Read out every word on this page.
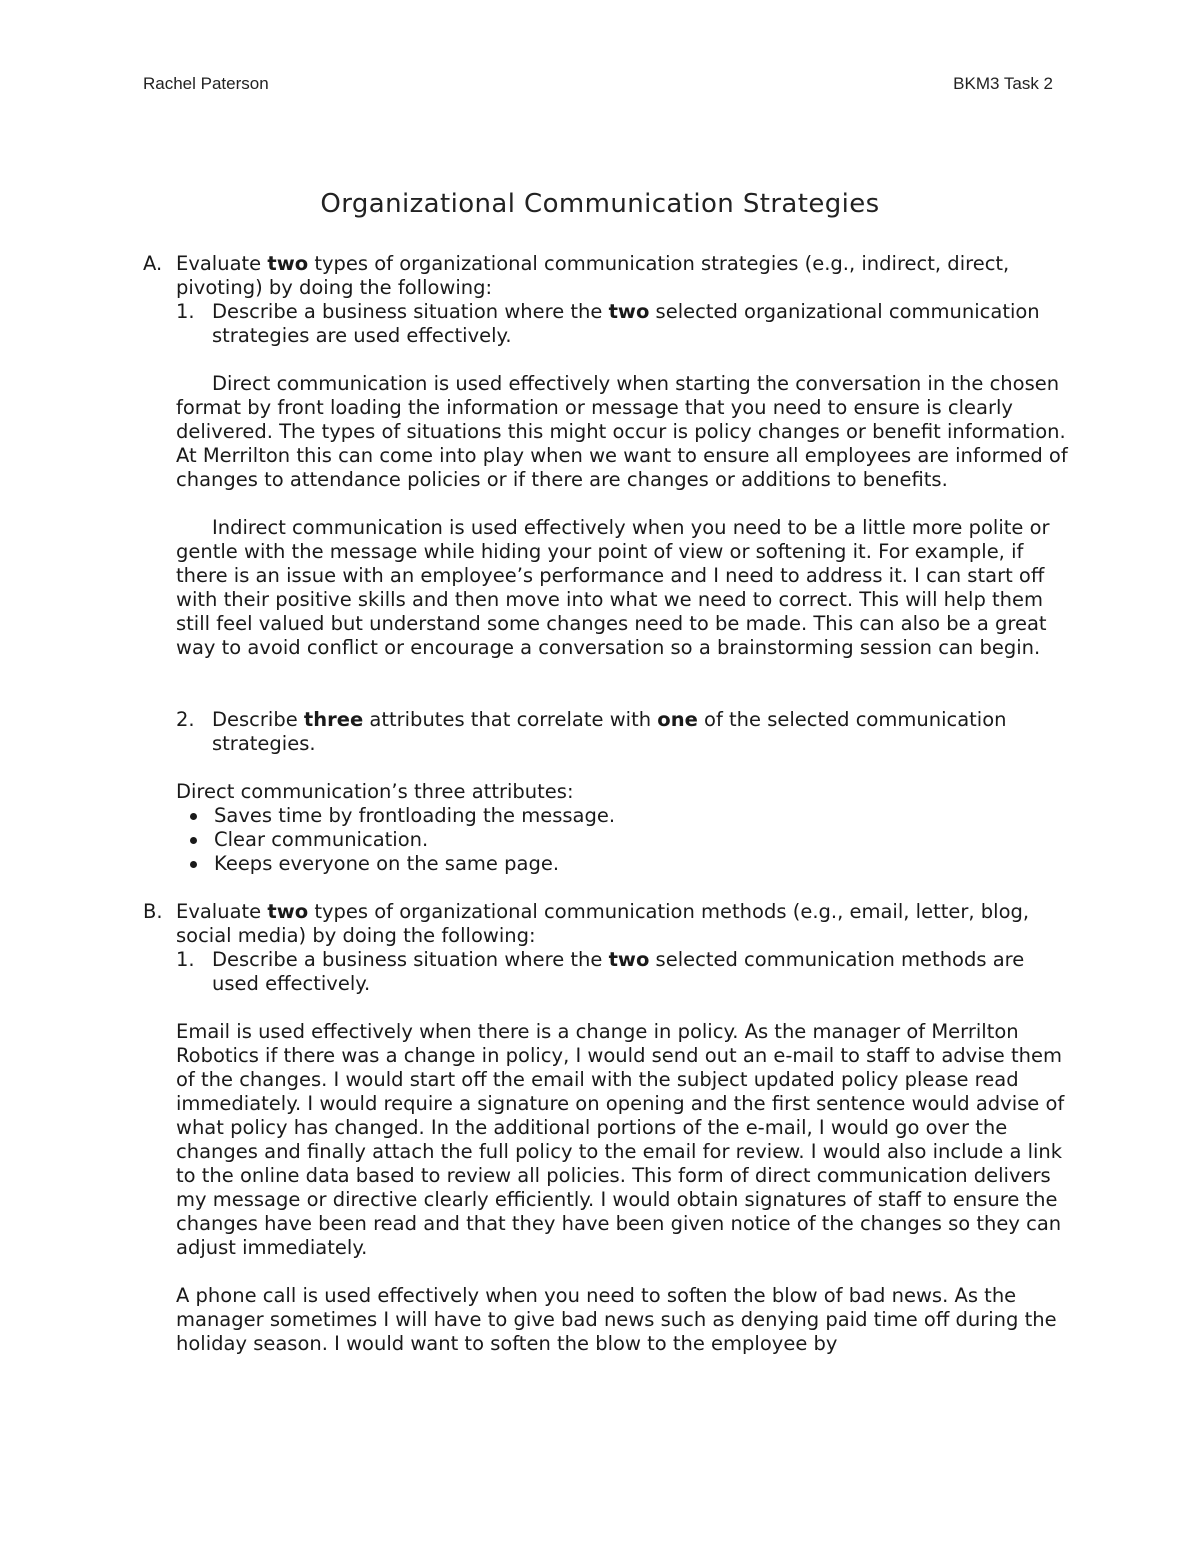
Rachel Paterson	BKM3 Task 2
Organizational Communication Strategies
A. Evaluate two types of organizational communication strategies (e.g., indirect, direct, pivoting) by doing the following:

1. Describe a business situation where the two selected organizational communication strategies are used effectively.

Direct communication is used effectively when starting the conversation in the chosen format by front loading the information or message that you need to ensure is clearly delivered. The types of situations this might occur is policy changes or benefit information. At Merrilton this can come into play when we want to ensure all employees are informed of changes to attendance policies or if there are changes or additions to benefits.

Indirect communication is used effectively when you need to be a little more polite or gentle with the message while hiding your point of view or softening it. For example, if there is an issue with an employee’s performance and I need to address it. I can start off with their positive skills and then move into what we need to correct. This will help them still feel valued but understand some changes need to be made. This can also be a great way to avoid conflict or encourage a conversation so a brainstorming session can begin.

2. Describe three attributes that correlate with one of the selected communication strategies.

Direct communication’s three attributes:

Saves time by frontloading the message.
Clear communication.
Keeps everyone on the same page.
B. Evaluate two types of organizational communication methods (e.g., email, letter, blog, social media) by doing the following:

1. Describe a business situation where the two selected communication methods are used effectively.

Email is used effectively when there is a change in policy. As the manager of Merrilton Robotics if there was a change in policy, I would send out an e-mail to staff to advise them of the changes. I would start off the email with the subject updated policy please read immediately. I would require a signature on opening and the first sentence would advise of what policy has changed. In the additional portions of the e-mail, I would go over the changes and finally attach the full policy to the email for review. I would also include a link to the online data based to review all policies. This form of direct communication delivers my message or directive clearly efficiently. I would obtain signatures of staff to ensure the changes have been read and that they have been given notice of the changes so they can adjust immediately.

A phone call is used effectively when you need to soften the blow of bad news. As the manager sometimes I will have to give bad news such as denying paid time off during the holiday season. I would want to soften the blow to the employee by
